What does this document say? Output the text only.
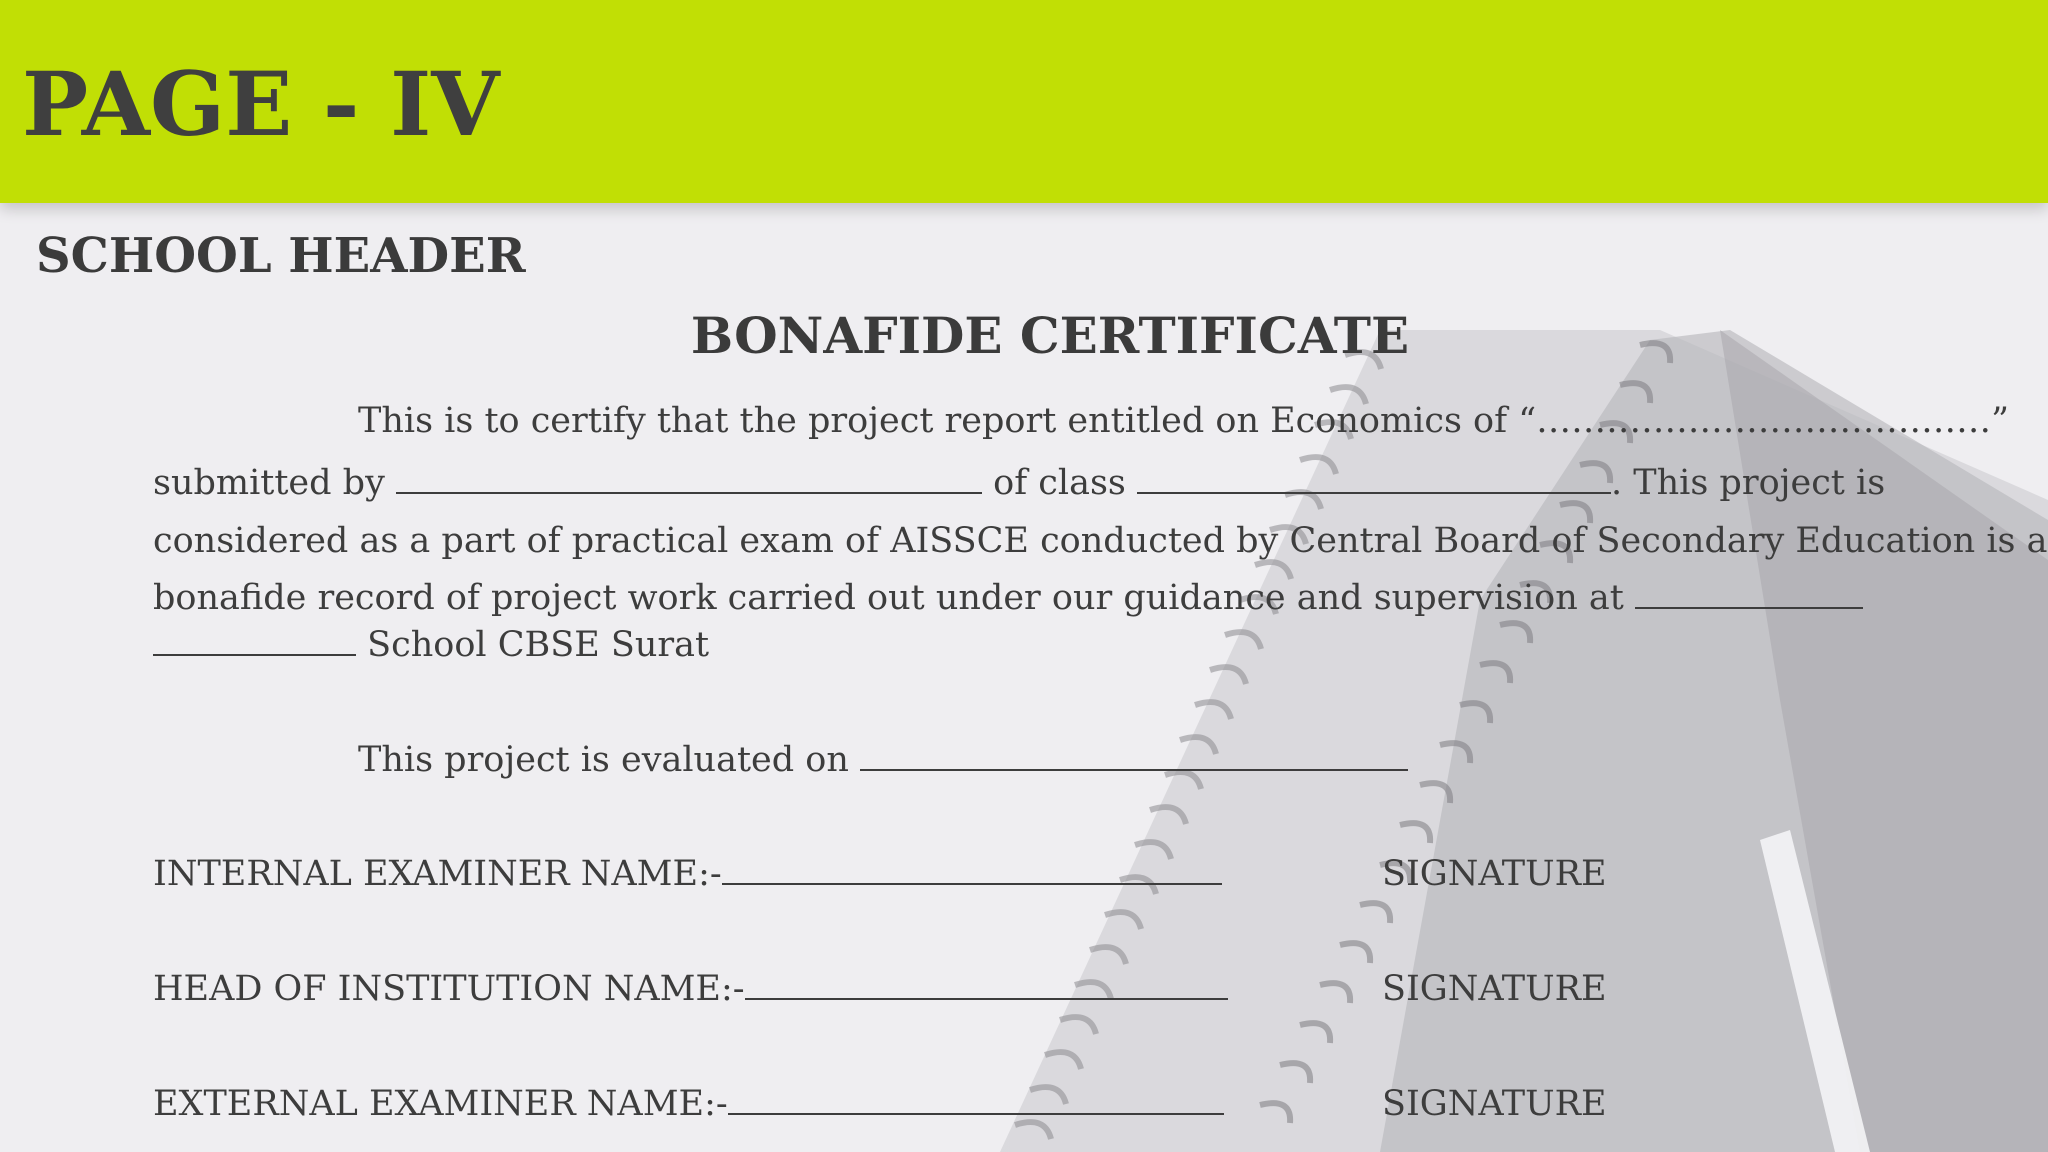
PAGE - IV
SCHOOL HEADER
BONAFIDE CERTIFICATE
This is to certify that the project report entitled on Economics of “…………………………………”
submitted by	of class	. This project is
considered as a part of practical exam of AISSCE conducted by Central Board of Secondary Education is a
bonafide record of project work carried out under our guidance and supervision at
School CBSE Surat
This project is evaluated on
INTERNAL EXAMINER NAME:-	SIGNATURE
HEAD OF INSTITUTION NAME:-	SIGNATURE
EXTERNAL EXAMINER NAME:-	SIGNATURE
